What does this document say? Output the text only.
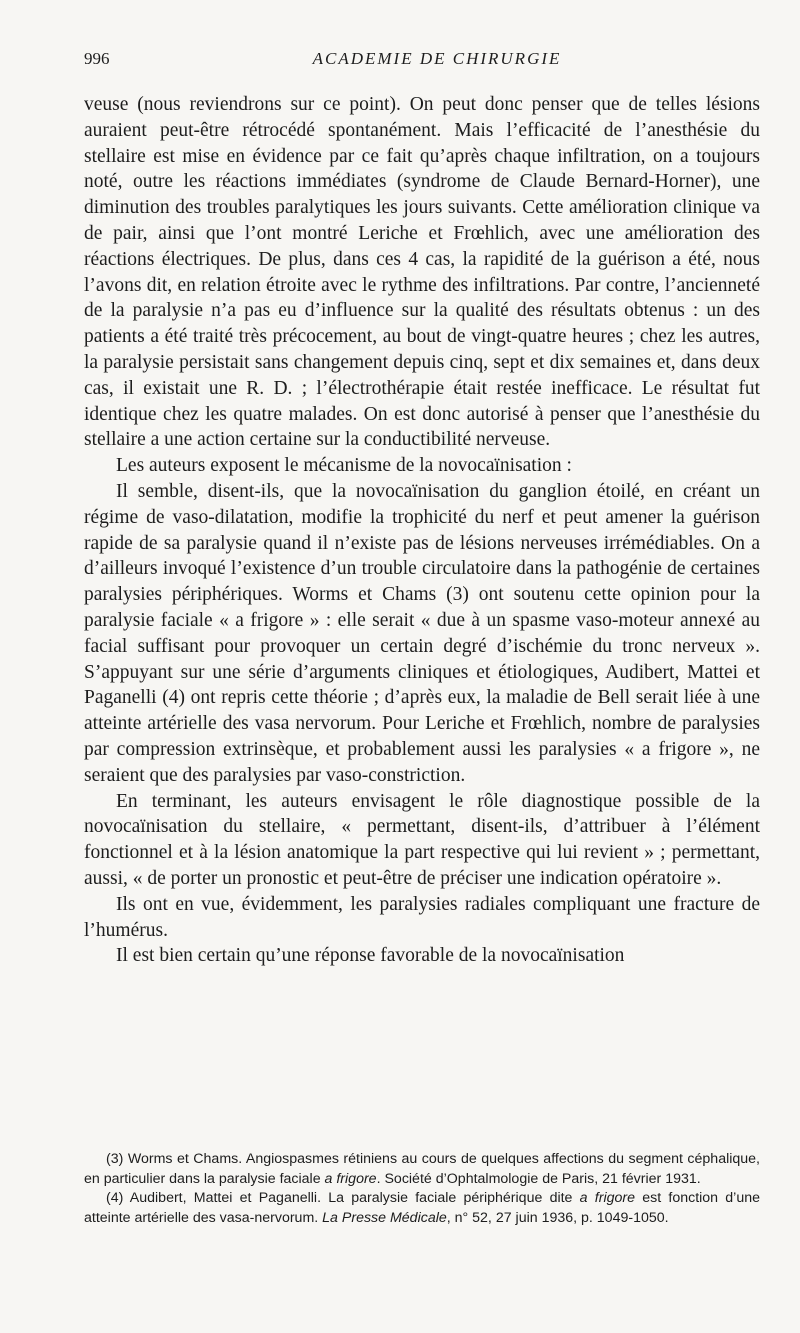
996	ACADEMIE DE CHIRURGIE

veuse (nous reviendrons sur ce point). On peut donc penser que de telles lésions auraient peut-être rétrocédé spontanément. Mais l’efficacité de l’anesthésie du stellaire est mise en évidence par ce fait qu’après chaque infiltration, on a toujours noté, outre les réactions immédiates (syndrome de Claude Bernard-Horner), une diminution des troubles paralytiques les jours suivants. Cette amélioration clinique va de pair, ainsi que l’ont montré Leriche et Frœhlich, avec une amélioration des réactions électriques. De plus, dans ces 4 cas, la rapidité de la guérison a été, nous l’avons dit, en relation étroite avec le rythme des infiltrations. Par contre, l’ancienneté de la paralysie n’a pas eu d’influence sur la qualité des résultats obtenus : un des patients a été traité très précocement, au bout de vingt-quatre heures ; chez les autres, la paralysie persistait sans changement depuis cinq, sept et dix semaines et, dans deux cas, il existait une R. D. ; l’électrothérapie était restée inefficace. Le résultat fut identique chez les quatre malades. On est donc autorisé à penser que l’anesthésie du stellaire a une action certaine sur la conductibilité nerveuse.

Les auteurs exposent le mécanisme de la novocaïnisation :

Il semble, disent-ils, que la novocaïnisation du ganglion étoilé, en créant un régime de vaso-dilatation, modifie la trophicité du nerf et peut amener la guérison rapide de sa paralysie quand il n’existe pas de lésions nerveuses irrémédiables. On a d’ailleurs invoqué l’existence d’un trouble circulatoire dans la pathogénie de certaines paralysies périphériques. Worms et Chams (3) ont soutenu cette opinion pour la paralysie faciale « a frigore » : elle serait « due à un spasme vaso-moteur annexé au facial suffisant pour provoquer un certain degré d’ischémie du tronc nerveux ». S’appuyant sur une série d’arguments cliniques et étiologiques, Audibert, Mattei et Paganelli (4) ont repris cette théorie ; d’après eux, la maladie de Bell serait liée à une atteinte artérielle des vasa nervorum. Pour Leriche et Frœhlich, nombre de paralysies par compression extrinsèque, et probablement aussi les paralysies « a frigore », ne seraient que des paralysies par vaso-constriction.

En terminant, les auteurs envisagent le rôle diagnostique possible de la novocaïnisation du stellaire, « permettant, disent-ils, d’attribuer à l’élément fonctionnel et à la lésion anatomique la part respective qui lui revient » ; permettant, aussi, « de porter un pronostic et peut-être de préciser une indication opératoire ».

Ils ont en vue, évidemment, les paralysies radiales compliquant une fracture de l’humérus.

Il est bien certain qu’une réponse favorable de la novocaïnisation

(3) Worms et Chams. Angiospasmes rétiniens au cours de quelques affections du segment céphalique, en particulier dans la paralysie faciale a frigore. Société d’Ophtalmologie de Paris, 21 février 1931.

(4) Audibert, Mattei et Paganelli. La paralysie faciale périphérique dite a frigore est fonction d’une atteinte artérielle des vasa-nervorum. La Presse Médicale, n° 52, 27 juin 1936, p. 1049-1050.
